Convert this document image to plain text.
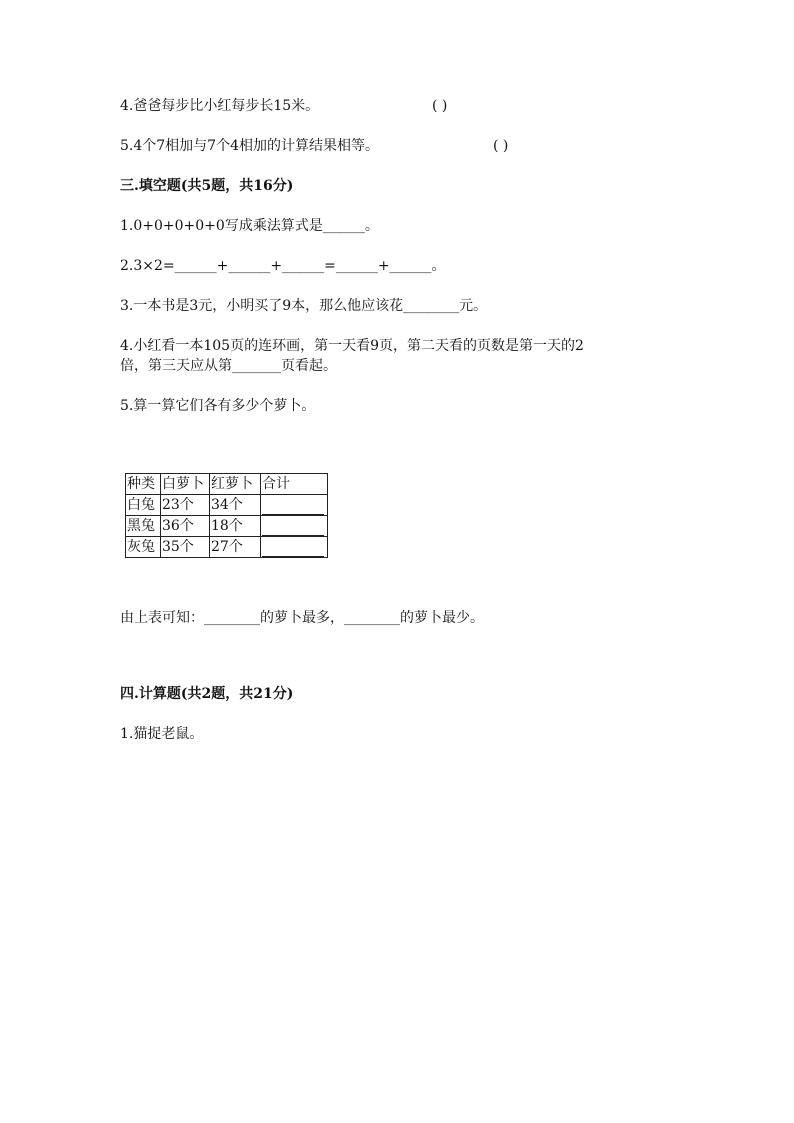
4.爸爸每步比小红每步长15米。	( )
5.4个7相加与7个4相加的计算结果相等。	( )
三.填空题(共5题，共16分)
1.0+0+0+0+0写成乘法算式是______。
2.3×2=______+______+______=______+______。
3.一本书是3元，小明买了9本，那么他应该花________元。
4.小红看一本105页的连环画，第一天看9页，第二天看的页数是第一天的2
倍，第三天应从第_______页看起。
5.算一算它们各有多少个萝卜。
种类	白萝卜	红萝卜	合计
白兔	23个	34个	
黑兔	36个	18个	
灰兔	35个	27个	
由上表可知：________的萝卜最多，________的萝卜最少。
四.计算题(共2题，共21分)
1.猫捉老鼠。
